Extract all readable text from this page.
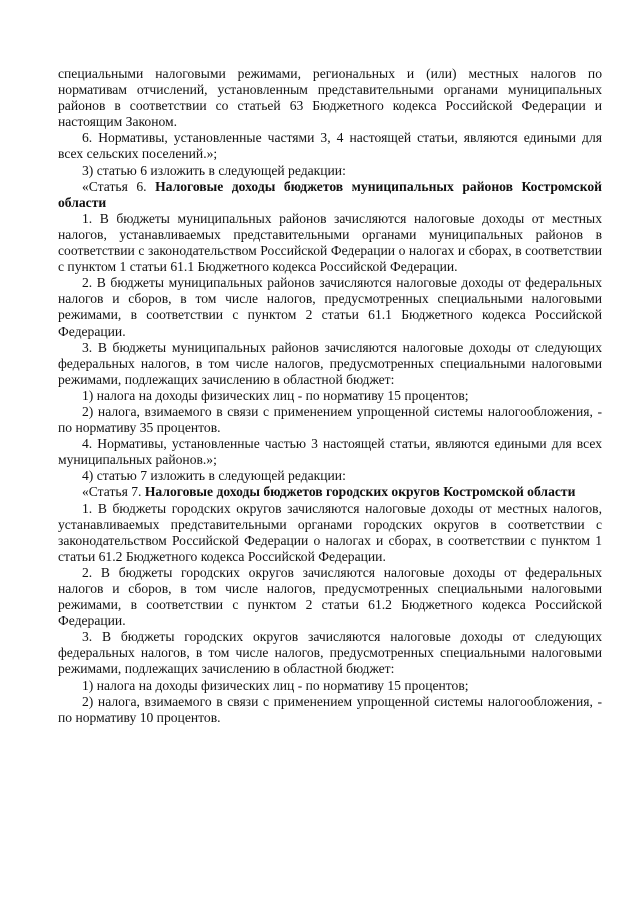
специальными налоговыми режимами, региональных и (или) местных налогов по нормативам отчислений, установленным представительными органами муниципальных районов в соответствии со статьей 63 Бюджетного кодекса Российской Федерации и настоящим Законом.

6. Нормативы, установленные частями 3, 4 настоящей статьи, являются едиными для всех сельских поселений.»;

3) статью 6 изложить в следующей редакции:

«Статья 6. Налоговые доходы бюджетов муниципальных районов Костромской области

1. В бюджеты муниципальных районов зачисляются налоговые доходы от местных налогов, устанавливаемых представительными органами муниципальных районов в соответствии с законодательством Российской Федерации о налогах и сборах, в соответствии с пунктом 1 статьи 61.1 Бюджетного кодекса Российской Федерации.

2. В бюджеты муниципальных районов зачисляются налоговые доходы от федеральных налогов и сборов, в том числе налогов, предусмотренных специальными налоговыми режимами, в соответствии с пунктом 2 статьи 61.1 Бюджетного кодекса Российской Федерации.

3. В бюджеты муниципальных районов зачисляются налоговые доходы от следующих федеральных налогов, в том числе налогов, предусмотренных специальными налоговыми режимами, подлежащих зачислению в областной бюджет:

1) налога на доходы физических лиц - по нормативу 15 процентов;

2) налога, взимаемого в связи с применением упрощенной системы налогообложения, - по нормативу 35 процентов.

4. Нормативы, установленные частью 3 настоящей статьи, являются едиными для всех муниципальных районов.»;

4) статью 7 изложить в следующей редакции:

«Статья 7. Налоговые доходы бюджетов городских округов Костромской области

1. В бюджеты городских округов зачисляются налоговые доходы от местных налогов, устанавливаемых представительными органами городских округов в соответствии с законодательством Российской Федерации о налогах и сборах, в соответствии с пунктом 1 статьи 61.2 Бюджетного кодекса Российской Федерации.

2. В бюджеты городских округов зачисляются налоговые доходы от федеральных налогов и сборов, в том числе налогов, предусмотренных специальными налоговыми режимами, в соответствии с пунктом 2 статьи 61.2 Бюджетного кодекса Российской Федерации.

3. В бюджеты городских округов зачисляются налоговые доходы от следующих федеральных налогов, в том числе налогов, предусмотренных специальными налоговыми режимами, подлежащих зачислению в областной бюджет:

1) налога на доходы физических лиц - по нормативу 15 процентов;

2) налога, взимаемого в связи с применением упрощенной системы налогообложения, - по нормативу 10 процентов.
